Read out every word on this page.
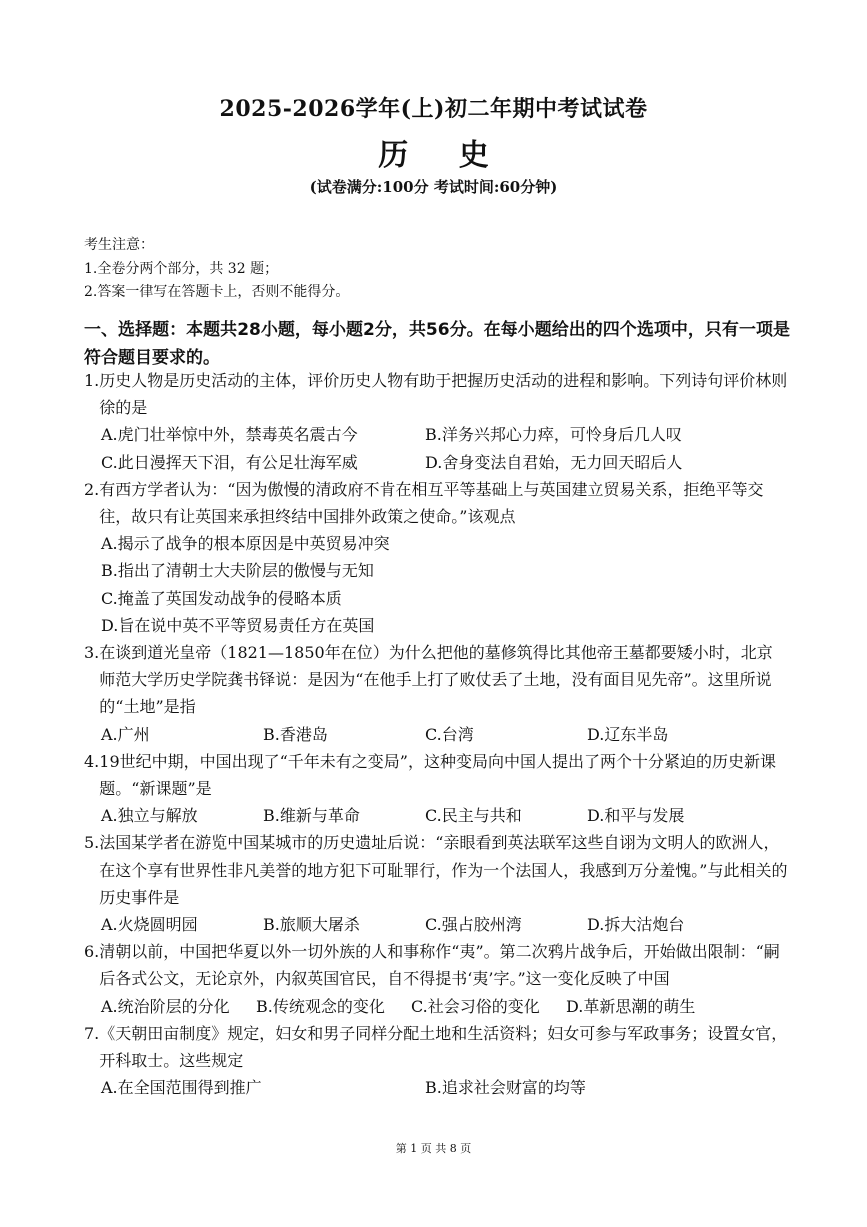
2025-2026学年(上)初二年期中考试试卷
历 史
(试卷满分:100分 考试时间:60分钟)
考生注意：
1.全卷分两个部分，共 32 题；
2.答案一律写在答题卡上，否则不能得分。
一、选择题：本题共28小题，每小题2分，共56分。在每小题给出的四个选项中，只有一项是符合题目要求的。
1. 历史人物是历史活动的主体，评价历史人物有助于把握历史活动的进程和影响。下列诗句评价林则徐的是
A.虎门壮举惊中外，禁毒英名震古今	B.洋务兴邦心力瘁，可怜身后几人叹
C.此日漫挥天下泪，有公足壮海军威	D.舍身变法自君始，无力回天昭后人
2. 有西方学者认为：“因为傲慢的清政府不肯在相互平等基础上与英国建立贸易关系，拒绝平等交往，故只有让英国来承担终结中国排外政策之使命。”该观点
A.揭示了战争的根本原因是中英贸易冲突
B.指出了清朝士大夫阶层的傲慢与无知
C.掩盖了英国发动战争的侵略本质
D.旨在说中英不平等贸易责任方在英国
3. 在谈到道光皇帝（1821—1850年在位）为什么把他的墓修筑得比其他帝王墓都要矮小时，北京师范大学历史学院龚书铎说：是因为“在他手上打了败仗丢了土地，没有面目见先帝”。这里所说的“土地”是指
A.广州	B.香港岛	C.台湾	D.辽东半岛
4. 19世纪中期，中国出现了“千年未有之变局”，这种变局向中国人提出了两个十分紧迫的历史新课题。“新课题”是
A.独立与解放	B.维新与革命	C.民主与共和	D.和平与发展
5. 法国某学者在游览中国某城市的历史遗址后说：“亲眼看到英法联军这些自诩为文明人的欧洲人，在这个享有世界性非凡美誉的地方犯下可耻罪行，作为一个法国人，我感到万分羞愧。”与此相关的历史事件是
A.火烧圆明园	B.旅顺大屠杀	C.强占胶州湾	D.拆大沽炮台
6. 清朝以前，中国把华夏以外一切外族的人和事称作“夷”。第二次鸦片战争后，开始做出限制：“嗣后各式公文，无论京外，内叙英国官民，自不得提书‘夷’字。”这一变化反映了中国
A.统治阶层的分化	B.传统观念的变化	C.社会习俗的变化	D.革新思潮的萌生
7. 《天朝田亩制度》规定，妇女和男子同样分配土地和生活资料；妇女可参与军政事务；设置女官，开科取士。这些规定
A.在全国范围得到推广	B.追求社会财富的均等
第 1 页 共 8 页
